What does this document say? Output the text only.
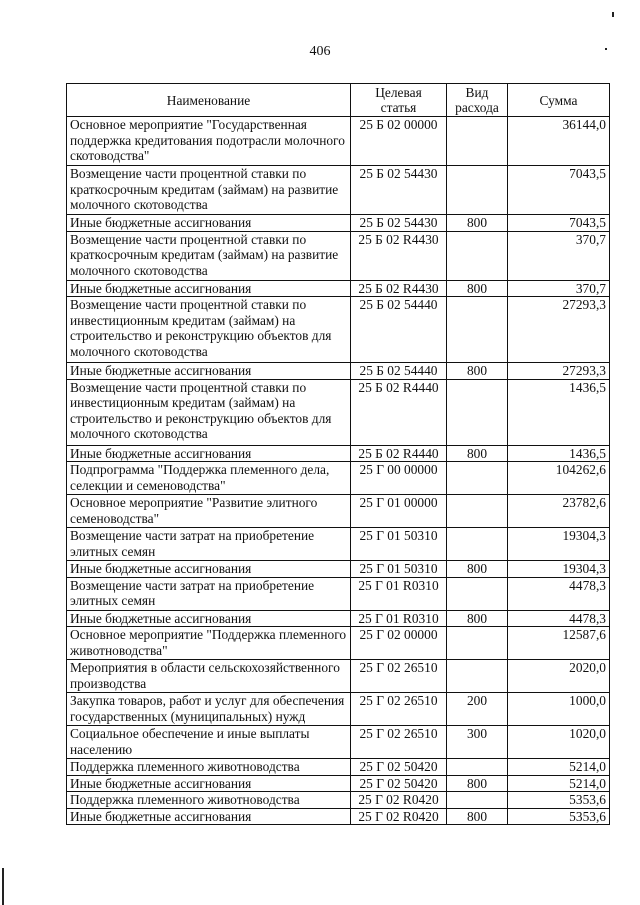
406
Наименование	Целевая статья	Вид расхода	Сумма
Основное мероприятие "Государственная поддержка кредитования подотрасли молочного скотоводства"	25 Б 02 00000		36144,0
Возмещение части процентной ставки по краткосрочным кредитам (займам) на развитие молочного скотоводства	25 Б 02 54430		7043,5
Иные бюджетные ассигнования	25 Б 02 54430	800	7043,5
Возмещение части процентной ставки по краткосрочным кредитам (займам) на развитие молочного скотоводства	25 Б 02 R4430		370,7
Иные бюджетные ассигнования	25 Б 02 R4430	800	370,7
Возмещение части процентной ставки по инвестиционным кредитам (займам) на строительство и реконструкцию объектов для молочного скотоводства	25 Б 02 54440		27293,3
Иные бюджетные ассигнования	25 Б 02 54440	800	27293,3
Возмещение части процентной ставки по инвестиционным кредитам (займам) на строительство и реконструкцию объектов для молочного скотоводства	25 Б 02 R4440		1436,5
Иные бюджетные ассигнования	25 Б 02 R4440	800	1436,5
Подпрограмма "Поддержка племенного дела, селекции и семеноводства"	25 Г 00 00000		104262,6
Основное мероприятие "Развитие элитного семеноводства"	25 Г 01 00000		23782,6
Возмещение части затрат на приобретение элитных семян	25 Г 01 50310		19304,3
Иные бюджетные ассигнования	25 Г 01 50310	800	19304,3
Возмещение части затрат на приобретение элитных семян	25 Г 01 R0310		4478,3
Иные бюджетные ассигнования	25 Г 01 R0310	800	4478,3
Основное мероприятие "Поддержка племенного животноводства"	25 Г 02 00000		12587,6
Мероприятия в области сельскохозяйственного производства	25 Г 02 26510		2020,0
Закупка товаров, работ и услуг для обеспечения государственных (муниципальных) нужд	25 Г 02 26510	200	1000,0
Социальное обеспечение и иные выплаты населению	25 Г 02 26510	300	1020,0
Поддержка племенного животноводства	25 Г 02 50420		5214,0
Иные бюджетные ассигнования	25 Г 02 50420	800	5214,0
Поддержка племенного животноводства	25 Г 02 R0420		5353,6
Иные бюджетные ассигнования	25 Г 02 R0420	800	5353,6
